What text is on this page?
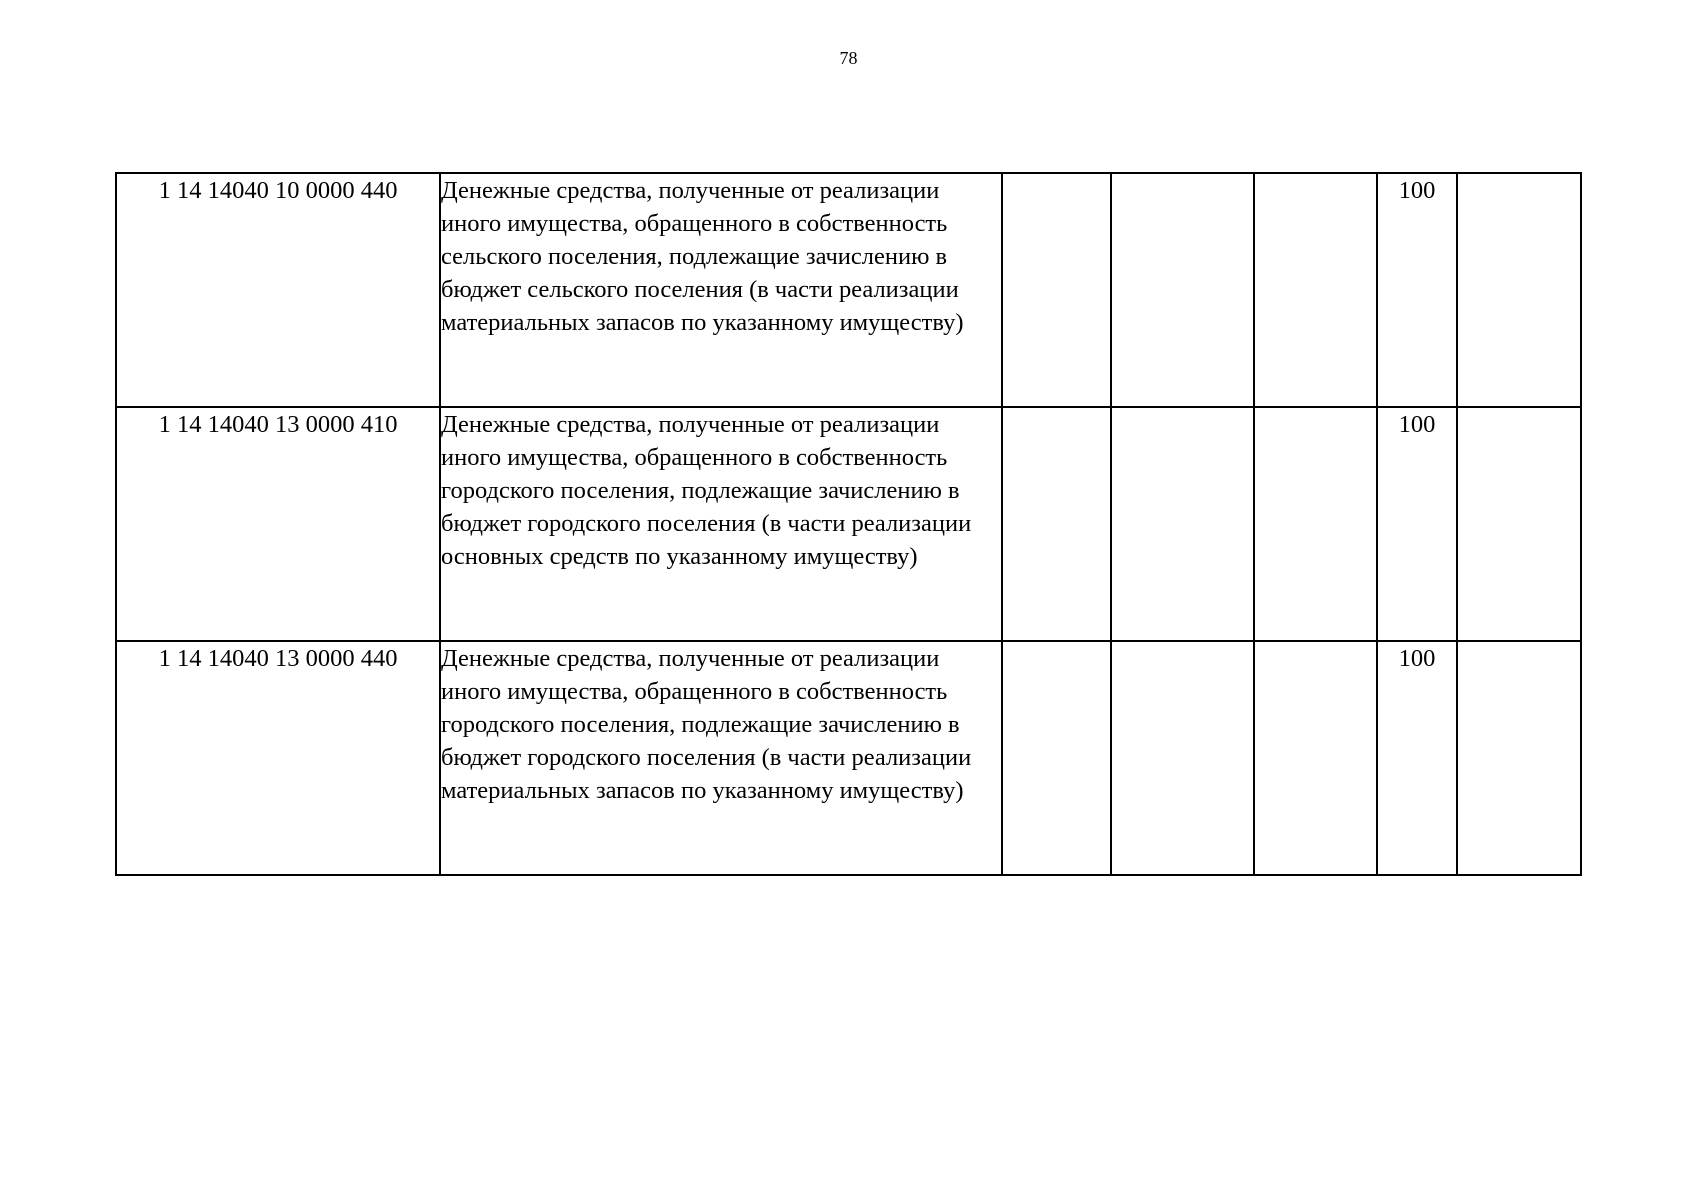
78
1 14 14040 10 0000 440	Денежные средства, полученные от реализации иного имущества, обращенного в собственность сельского поселения, подлежащие зачислению в бюджет сельского поселения (в части реализации материальных запасов по указанному имуществу)				100	
1 14 14040 13 0000 410	Денежные средства, полученные от реализации иного имущества, обращенного в собственность городского поселения, подлежащие зачислению в бюджет городского поселения (в части реализации основных средств по указанному имуществу)				100	
1 14 14040 13 0000 440	Денежные средства, полученные от реализации иного имущества, обращенного в собственность городского поселения, подлежащие зачислению в бюджет городского поселения (в части реализации материальных запасов по указанному имуществу)				100	
